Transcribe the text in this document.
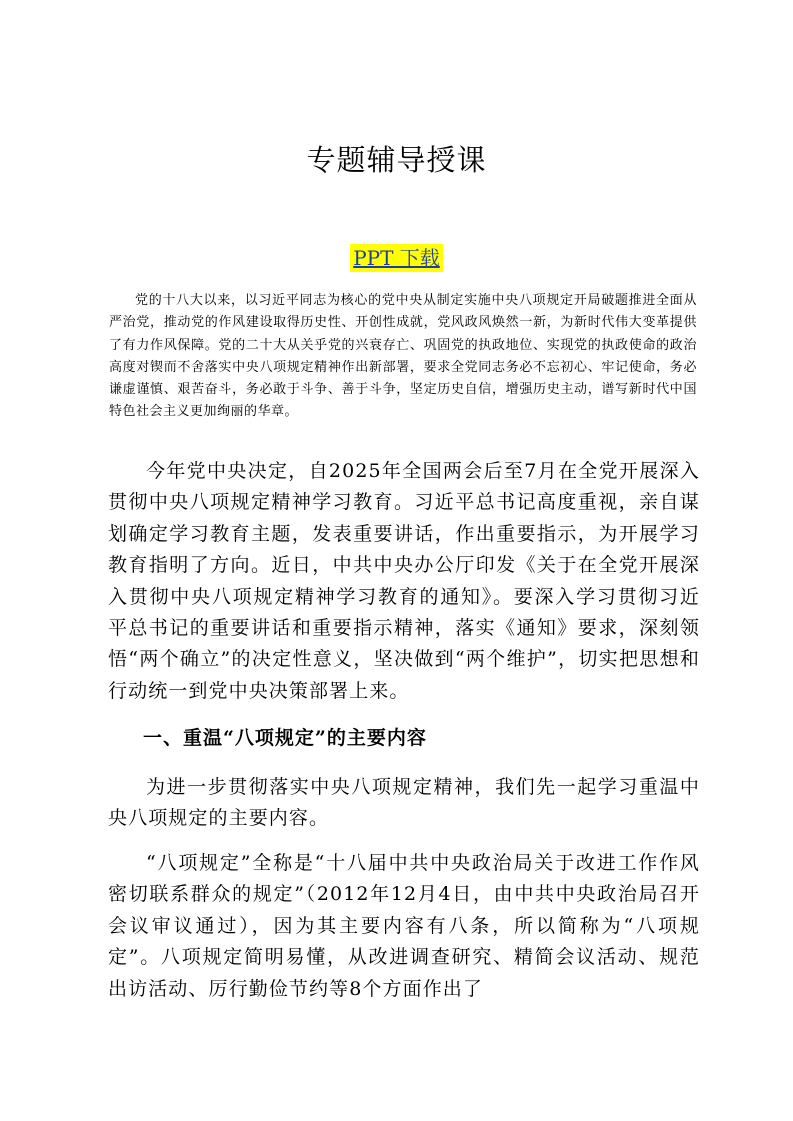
专题辅导授课
PPT 下载

党的十八大以来，以习近平同志为核心的党中央从制定实施中央八项规定开局破题推进全面从严治党，推动党的作风建设取得历史性、开创性成就，党风政风焕然一新，为新时代伟大变革提供了有力作风保障。党的二十大从关乎党的兴衰存亡、巩固党的执政地位、实现党的执政使命的政治高度对锲而不舍落实中央八项规定精神作出新部署，要求全党同志务必不忘初心、牢记使命，务必谦虚谨慎、艰苦奋斗，务必敢于斗争、善于斗争，坚定历史自信，增强历史主动，谱写新时代中国特色社会主义更加绚丽的华章。

今年党中央决定，自2025年全国两会后至7月在全党开展深入贯彻中央八项规定精神学习教育。习近平总书记高度重视，亲自谋划确定学习教育主题，发表重要讲话，作出重要指示，为开展学习教育指明了方向。近日，中共中央办公厅印发《关于在全党开展深入贯彻中央八项规定精神学习教育的通知》。要深入学习贯彻习近平总书记的重要讲话和重要指示精神，落实《通知》要求，深刻领悟“两个确立”的决定性意义，坚决做到“两个维护”，切实把思想和行动统一到党中央决策部署上来。

一、重温“八项规定”的主要内容

为进一步贯彻落实中央八项规定精神，我们先一起学习重温中央八项规定的主要内容。

“八项规定”全称是“十八届中共中央政治局关于改进工作作风密切联系群众的规定”（2012年12月4日，由中共中央政治局召开会议审议通过），因为其主要内容有八条，所以简称为“八项规定”。八项规定简明易懂，从改进调查研究、精简会议活动、规范出访活动、厉行勤俭节约等8个方面作出了
